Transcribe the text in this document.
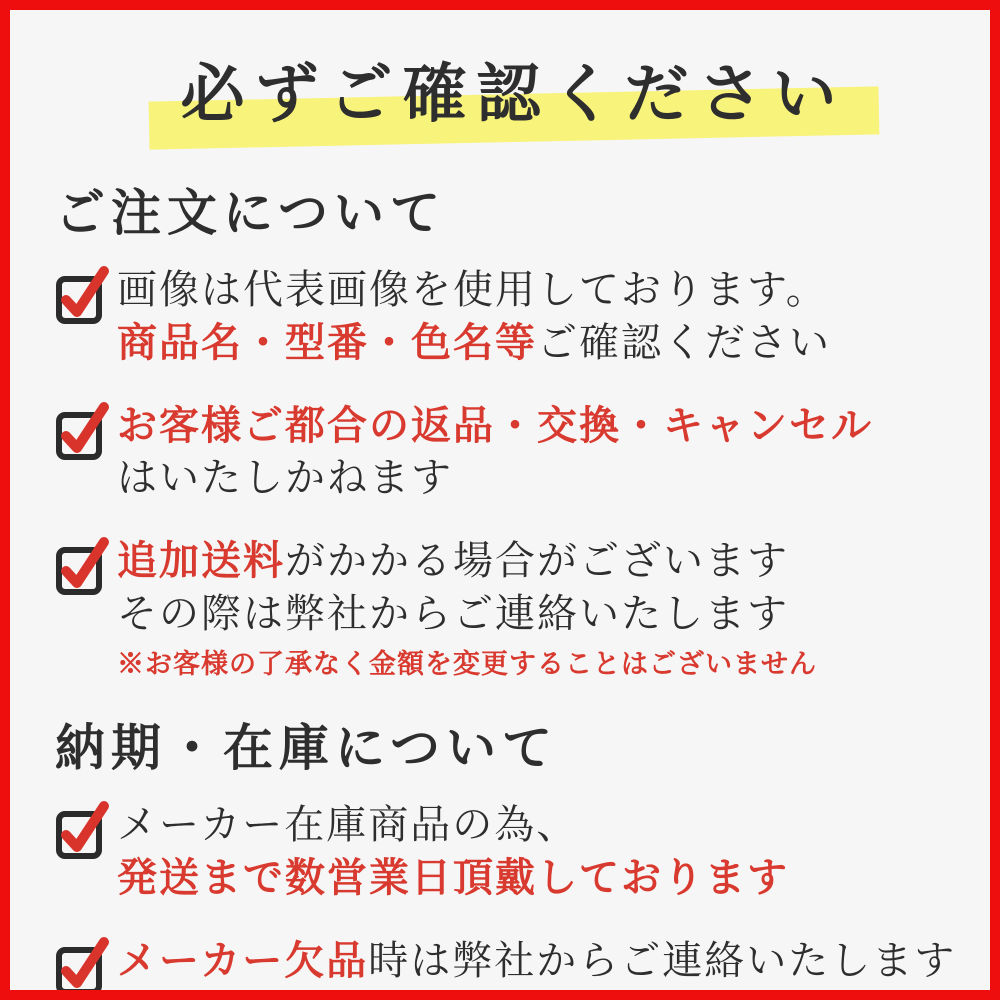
必ずご確認ください
ご注文について

画像は代表画像を使用しております。

商品名・型番・色名等ご確認ください

お客様ご都合の返品・交換・キャンセル

はいたしかねます

追加送料がかかる場合がございます

その際は弊社からご連絡いたします

※お客様の了承なく金額を変更することはございません

納期・在庫について

メーカー在庫商品の為、

発送まで数営業日頂戴しております

メーカー欠品時は弊社からご連絡いたします
